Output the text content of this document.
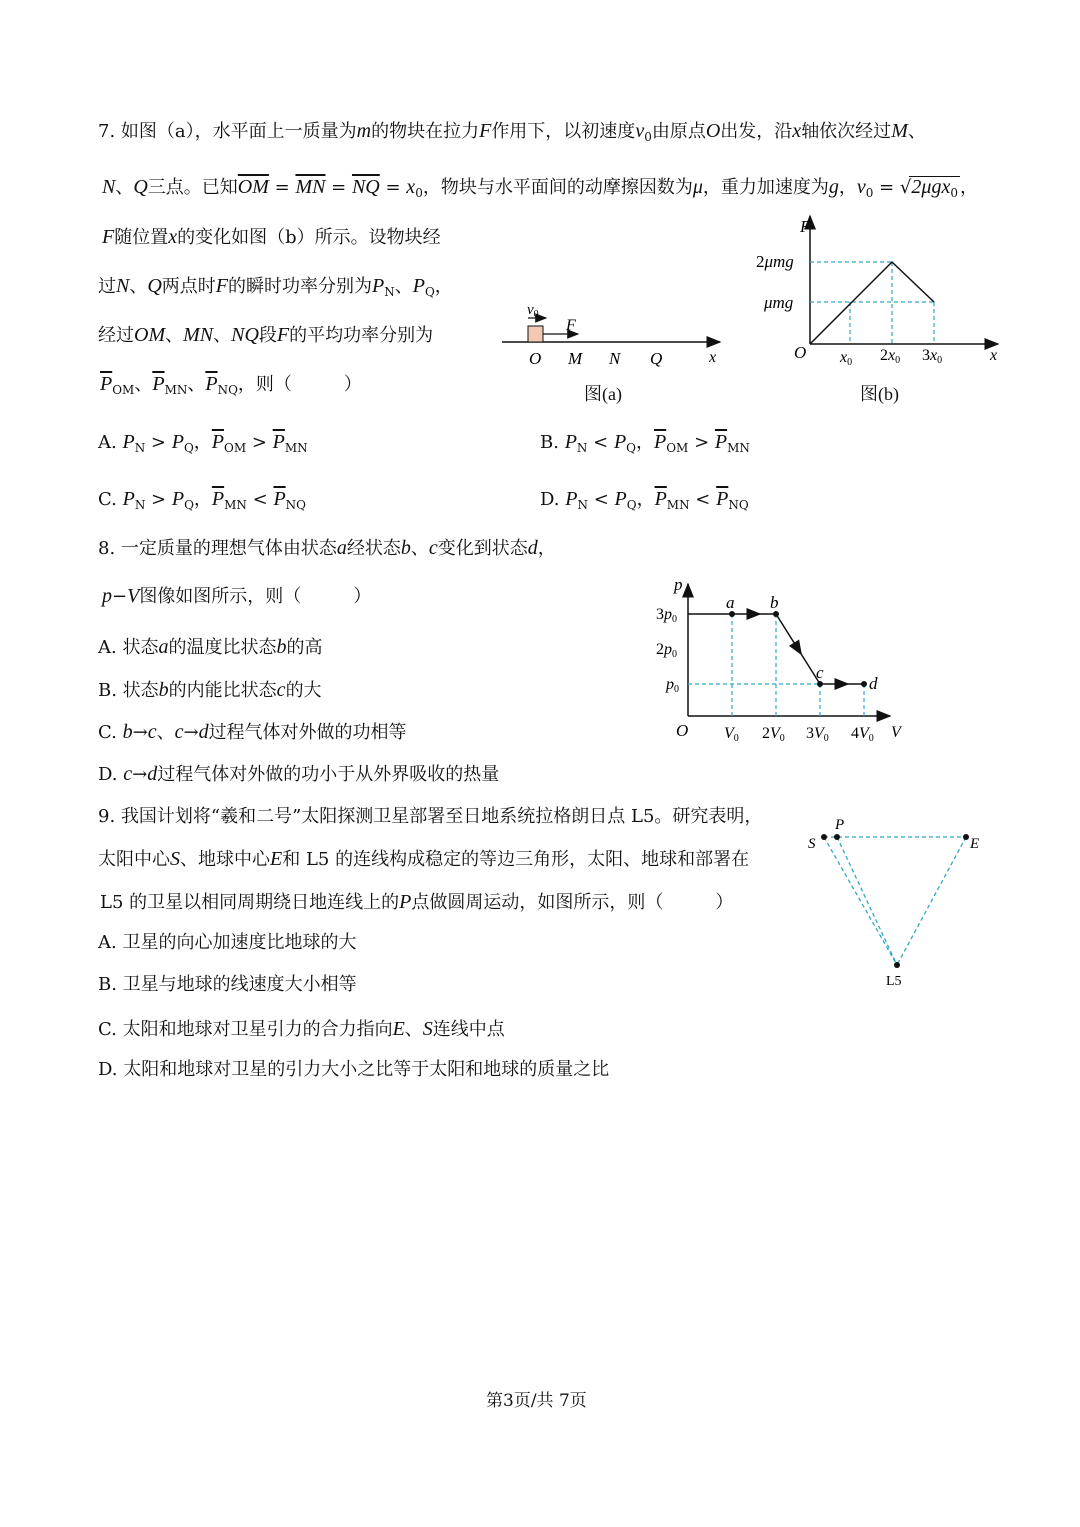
7. 如图（a），水平面上一质量为m的物块在拉力F作用下，以初速度$v_0$由原点O出发，沿x轴依次经过M、
N、Q三点。已知$\overline{OM} = \overline{MN} = \overline{NQ} = x_0$，物块与水平面间的动摩擦因数为μ，重力加速度为g，$v_0 = √2\mu gx_0$ ，
F随位置x的变化如图（b）所示。设物块经
过N、Q两点时F的瞬时功率分别为$P_N$、$P_Q$，
经过OM、MN、NQ段F的平均功率分别为
$\overline{P}_{OM}$、$\overline{P}_{MN}$、$\overline{P}_{NQ}$，则（	）
A. $P_N > P_Q$，$\overline{P}_{OM} > \overline{P}_{MN}$	B. $P_N < P_Q$，$\overline{P}_{OM} > \overline{P}_{MN}$
C. $P_N > P_Q$，$\overline{P}_{MN} < \overline{P}_{NQ}$	D. $P_N < P_Q$，$\overline{P}_{MN} < \overline{P}_{NQ}$
$v_0$
F
O M N Q	x
图(a)
F
2μmg
μmg
O x0 2x0 3x0	x
图(b)
8. 一定质量的理想气体由状态a经状态b、c变化到状态d，
p−V图像如图所示，则（	）
A. 状态a的温度比状态b的高
B. 状态b的内能比状态c的大
C. b→c、c→d过程气体对外做的功相等
D. c→d过程气体对外做的功小于从外界吸收的热量
a b
c
d
p
3p0
2p0
p0
O V0 2V0 3V0 4V0 V
9. 我国计划将“羲和二号”太阳探测卫星部署至日地系统拉格朗日点 L5。研究表明，
太阳中心S、地球中心E和 L5 的连线构成稳定的等边三角形，太阳、地球和部署在
L5 的卫星以相同周期绕日地连线上的P点做圆周运动，如图所示，则（	）
A. 卫星的向心加速度比地球的大
B. 卫星与地球的线速度大小相等
C. 太阳和地球对卫星引力的合力指向E、S连线中点
D. 太阳和地球对卫星的引力大小之比等于太阳和地球的质量之比
S
P
E
L5
第3页/共 7页
